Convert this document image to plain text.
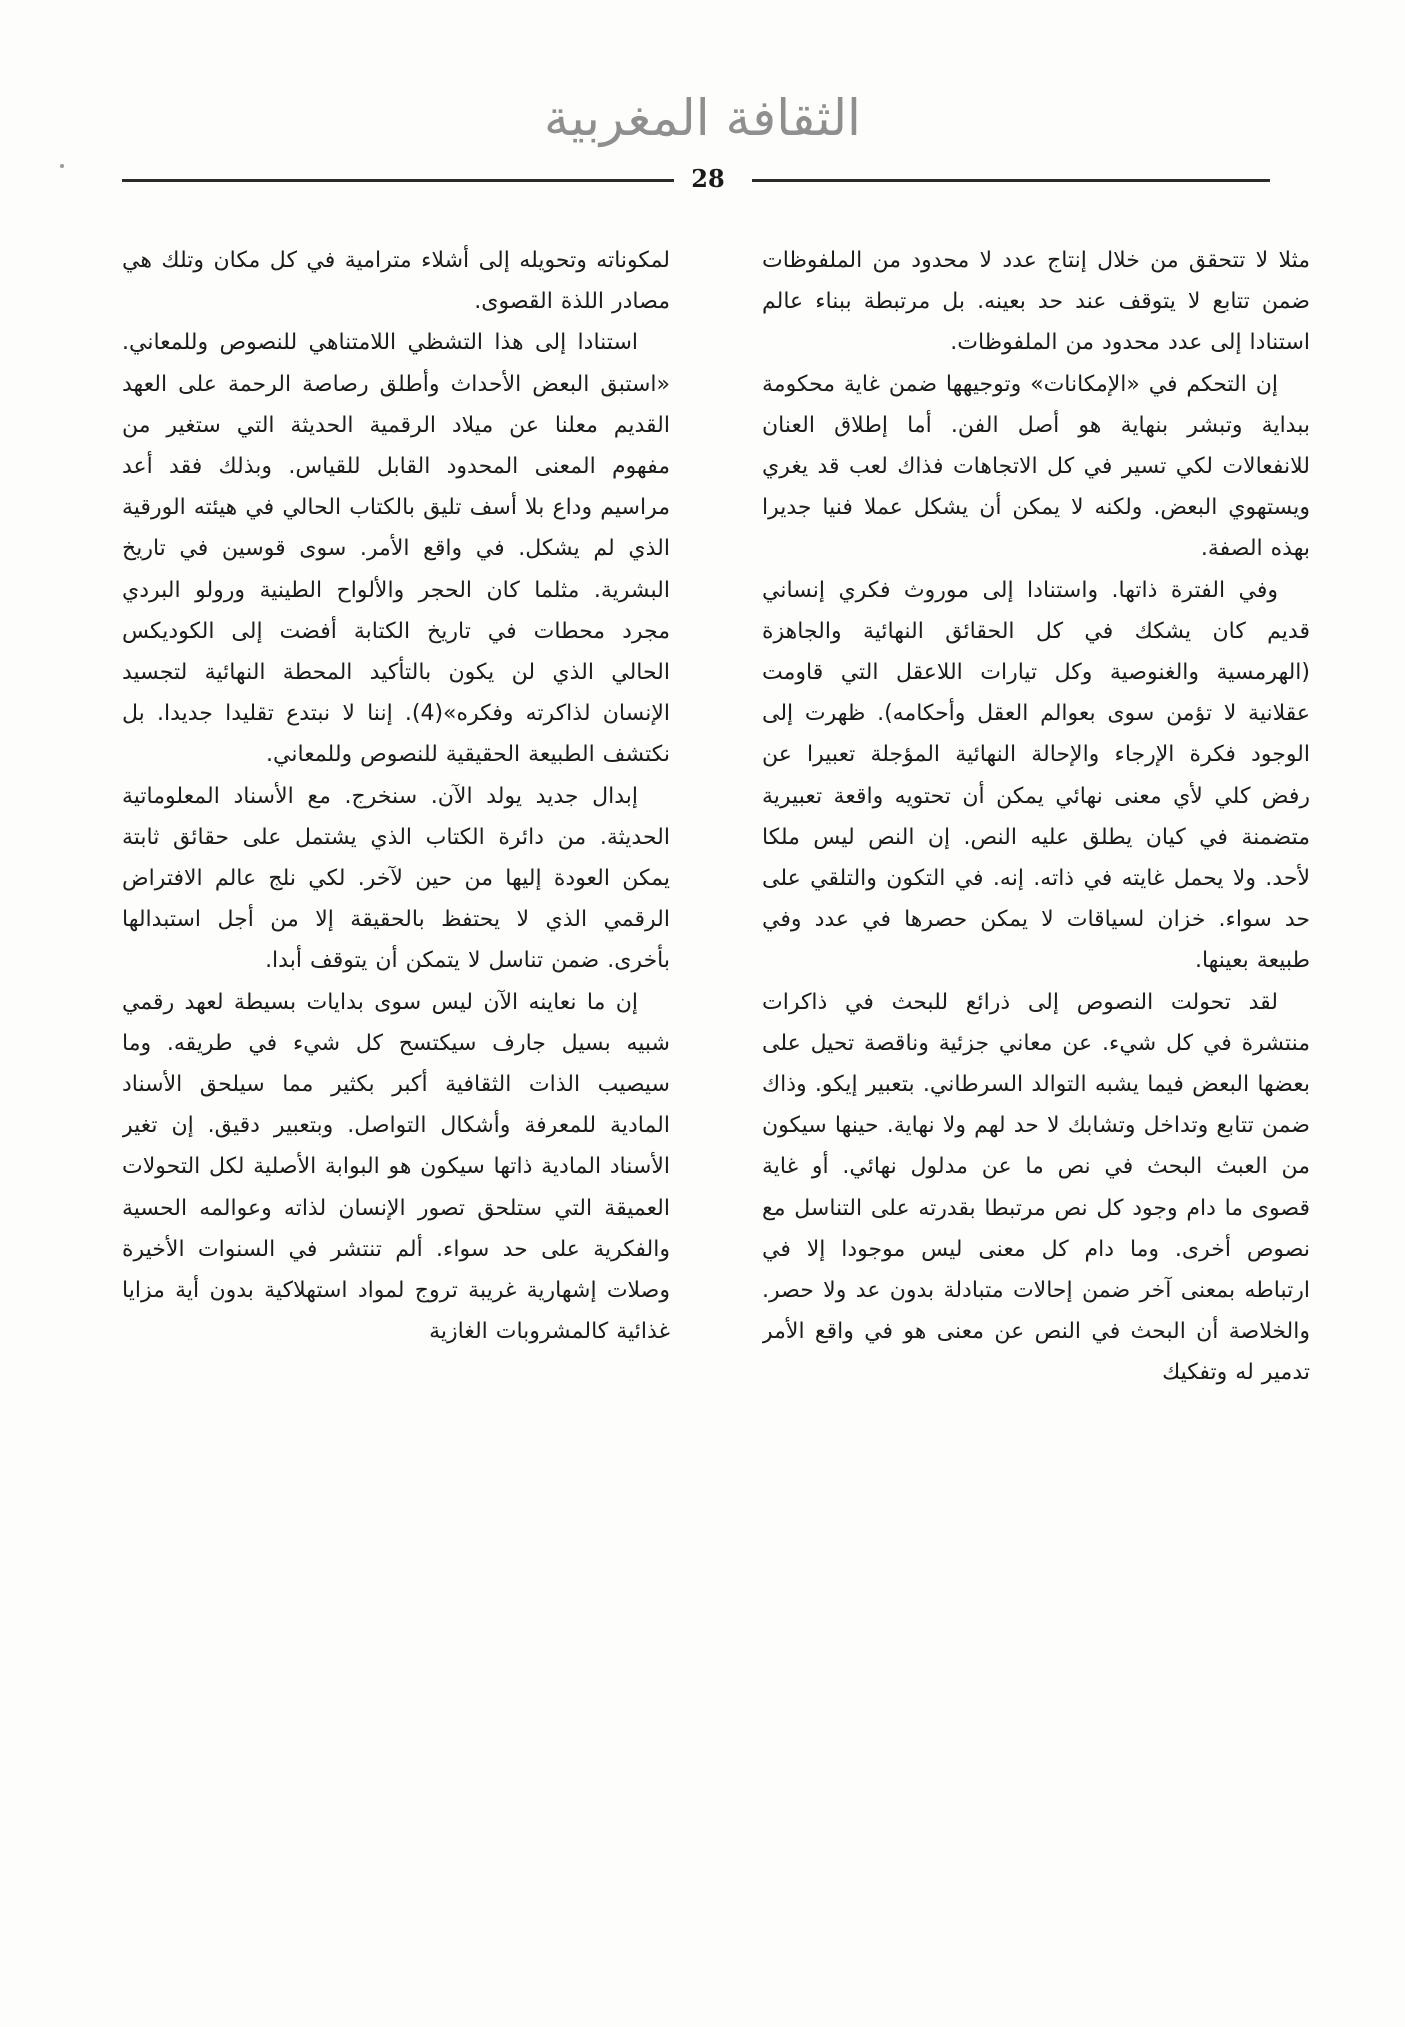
الثقافة المغربية
28

مثلا لا تتحقق من خلال إنتاج عدد لا محدود من الملفوظات ضمن تتابع لا يتوقف عند حد بعينه. بل مرتبطة ببناء عالم استنادا إلى عدد محدود من الملفوظات.

إن التحكم في «الإمكانات» وتوجيهها ضمن غاية محكومة ببداية وتبشر بنهاية هو أصل الفن. أما إطلاق العنان للانفعالات لكي تسير في كل الاتجاهات فذاك لعب قد يغري ويستهوي البعض. ولكنه لا يمكن أن يشكل عملا فنيا جديرا بهذه الصفة.

وفي الفترة ذاتها. واستنادا إلى موروث فكري إنساني قديم كان يشكك في كل الحقائق النهائية والجاهزة (الهرمسية والغنوصية وكل تيارات اللاعقل التي قاومت عقلانية لا تؤمن سوى بعوالم العقل وأحكامه). ظهرت إلى الوجود فكرة الإرجاء والإحالة النهائية المؤجلة تعبيرا عن رفض كلي لأي معنى نهائي يمكن أن تحتويه واقعة تعبيرية متضمنة في كيان يطلق عليه النص. إن النص ليس ملكا لأحد. ولا يحمل غايته في ذاته. إنه. في التكون والتلقي على حد سواء. خزان لسياقات لا يمكن حصرها في عدد وفي طبيعة بعينها.

لقد تحولت النصوص إلى ذرائع للبحث في ذاكرات منتشرة في كل شيء. عن معاني جزئية وناقصة تحيل على بعضها البعض فيما يشبه التوالد السرطاني. بتعبير إيكو. وذاك ضمن تتابع وتداخل وتشابك لا حد لهم ولا نهاية. حينها سيكون من العبث البحث في نص ما عن مدلول نهائي. أو غاية قصوى ما دام وجود كل نص مرتبطا بقدرته على التناسل مع نصوص أخرى. وما دام كل معنى ليس موجودا إلا في ارتباطه بمعنى آخر ضمن إحالات متبادلة بدون عد ولا حصر. والخلاصة أن البحث في النص عن معنى هو في واقع الأمر تدمير له وتفكيك

لمكوناته وتحويله إلى أشلاء مترامية في كل مكان وتلك هي مصادر اللذة القصوى.

استنادا إلى هذا التشظي اللامتناهي للنصوص وللمعاني. «استبق البعض الأحداث وأطلق رصاصة الرحمة على العهد القديم معلنا عن ميلاد الرقمية الحديثة التي ستغير من مفهوم المعنى المحدود القابل للقياس. وبذلك فقد أعد مراسيم وداع بلا أسف تليق بالكتاب الحالي في هيئته الورقية الذي لم يشكل. في واقع الأمر. سوى قوسين في تاريخ البشرية. مثلما كان الحجر والألواح الطينية ورولو البردي مجرد محطات في تاريخ الكتابة أفضت إلى الكوديكس الحالي الذي لن يكون بالتأكيد المحطة النهائية لتجسيد الإنسان لذاكرته وفكره»(4). إننا لا نبتدع تقليدا جديدا. بل نكتشف الطبيعة الحقيقية للنصوص وللمعاني.

إبدال جديد يولد الآن. سنخرج. مع الأسناد المعلوماتية الحديثة. من دائرة الكتاب الذي يشتمل على حقائق ثابتة يمكن العودة إليها من حين لآخر. لكي نلج عالم الافتراض الرقمي الذي لا يحتفظ بالحقيقة إلا من أجل استبدالها بأخرى. ضمن تناسل لا يتمكن أن يتوقف أبدا.

إن ما نعاينه الآن ليس سوى بدايات بسيطة لعهد رقمي شبيه بسيل جارف سيكتسح كل شيء في طريقه. وما سيصيب الذات الثقافية أكبر بكثير مما سيلحق الأسناد المادية للمعرفة وأشكال التواصل. وبتعبير دقيق. إن تغير الأسناد المادية ذاتها سيكون هو البوابة الأصلية لكل التحولات العميقة التي ستلحق تصور الإنسان لذاته وعوالمه الحسية والفكرية على حد سواء. ألم تنتشر في السنوات الأخيرة وصلات إشهارية غريبة تروج لمواد استهلاكية بدون أية مزايا غذائية كالمشروبات الغازية
